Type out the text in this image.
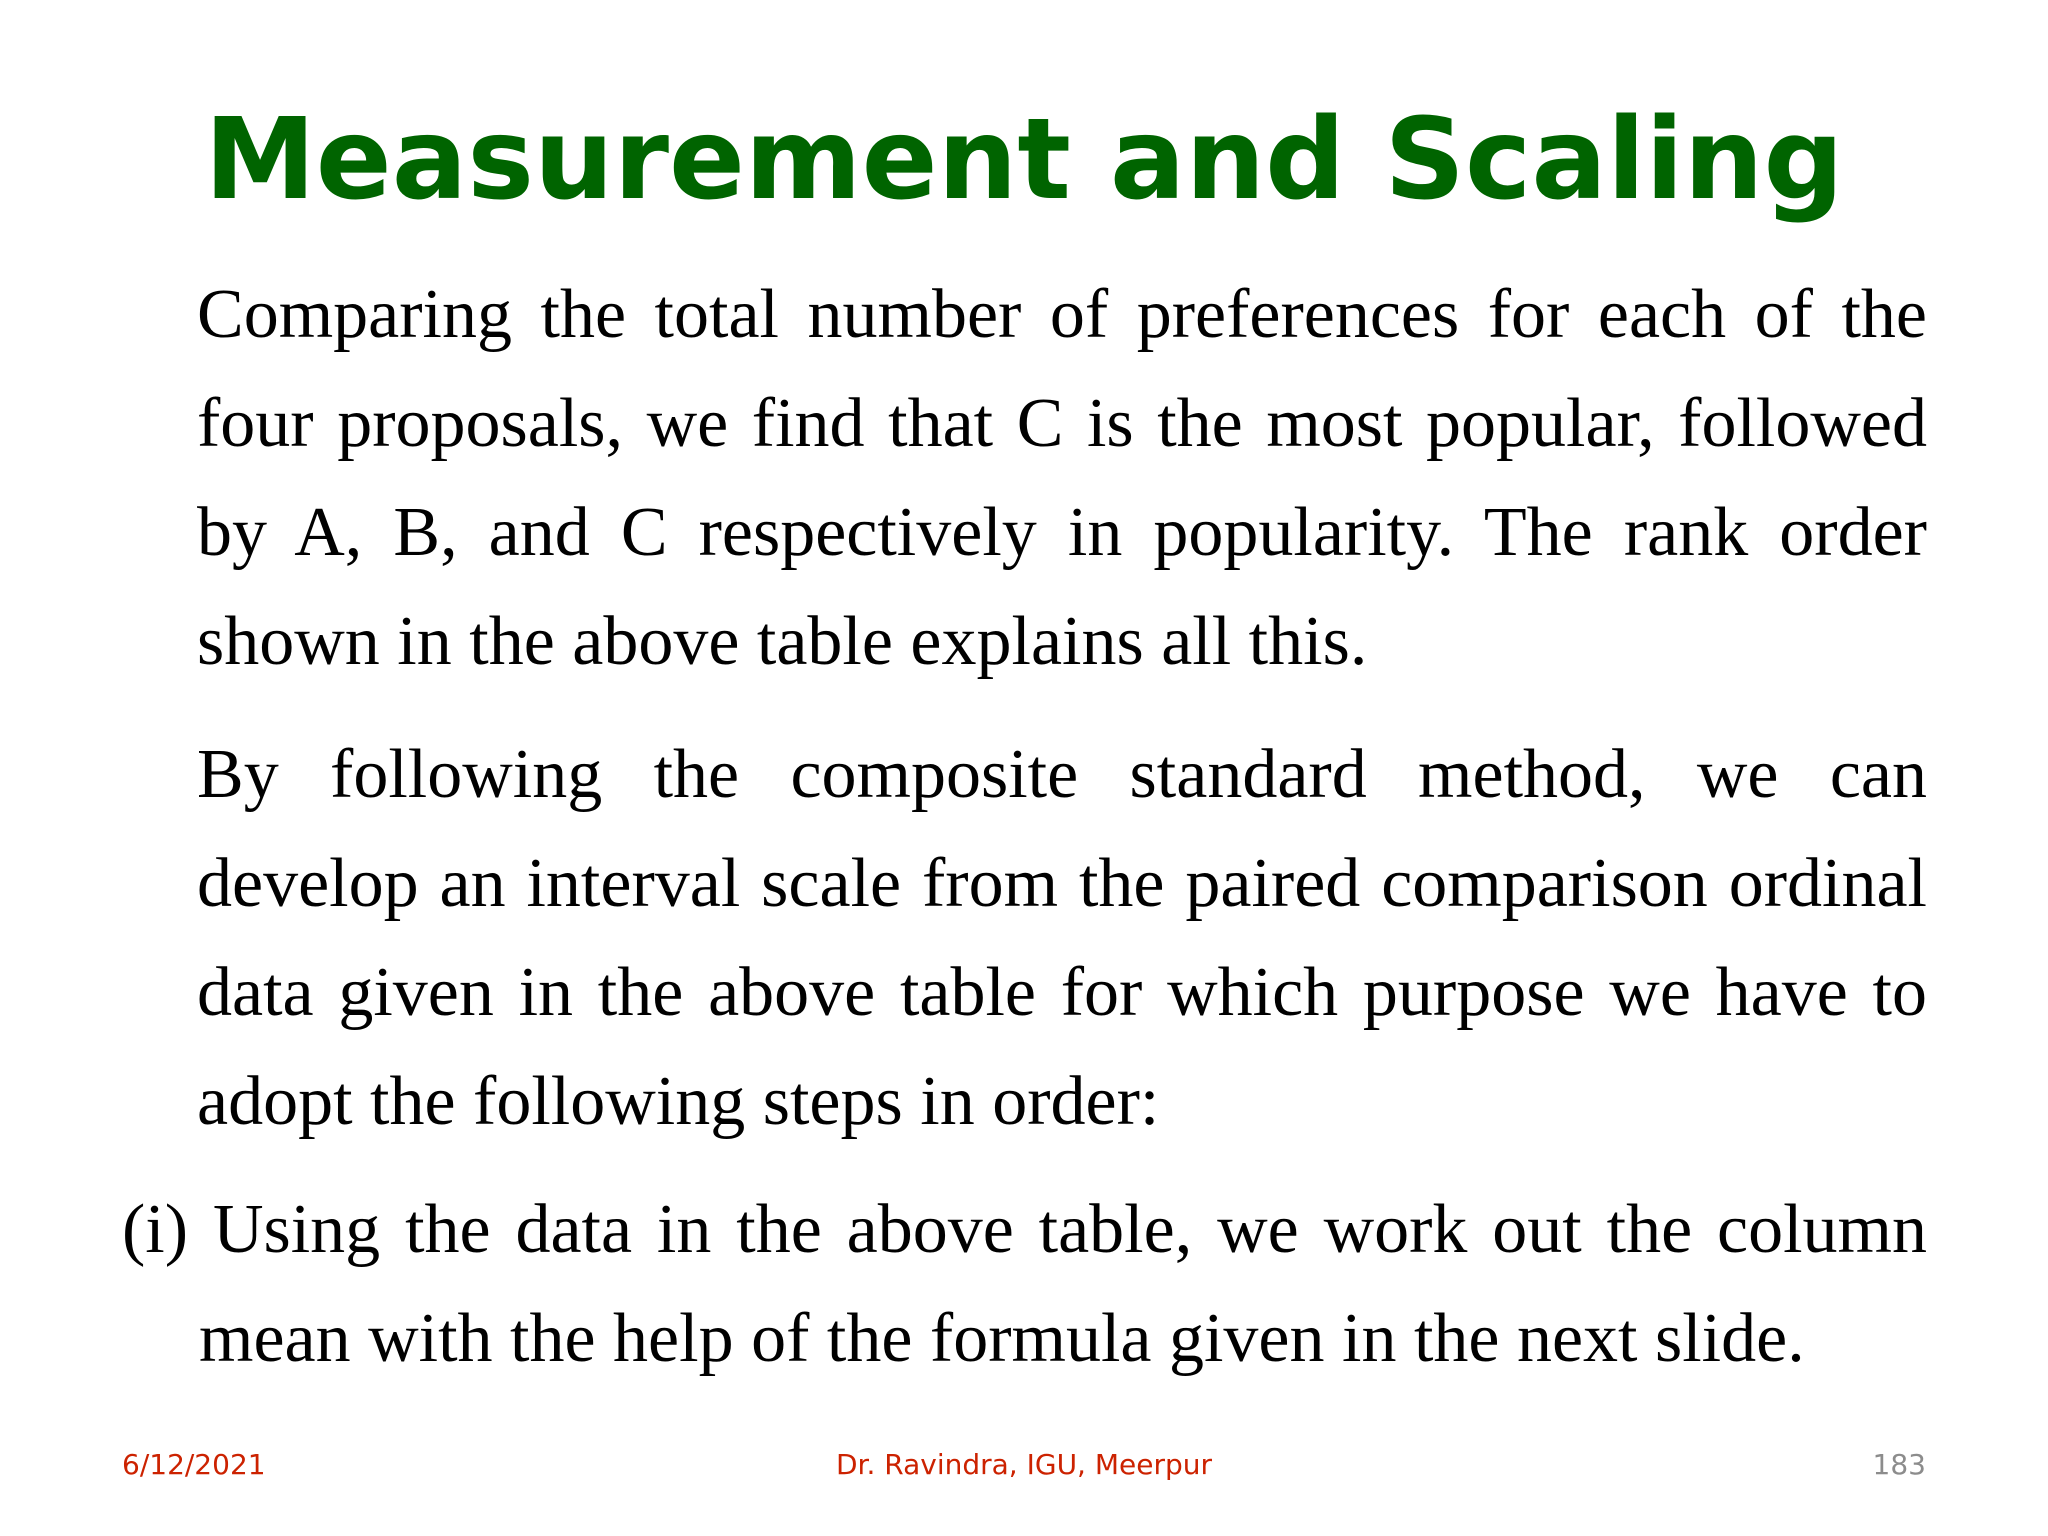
Measurement and Scaling
Comparing the total number of preferences for each of the four proposals, we find that C is the most popular, followed by A, B, and C respectively in popularity. The rank order shown in the above table explains all this.
By following the composite standard method, we can develop an interval scale from the paired comparison ordinal data given in the above table for which purpose we have to adopt the following steps in order:
(i) Using the data in the above table, we work out the column mean with the help of the formula given in the next slide.
6/12/2021	Dr. Ravindra, IGU, Meerpur	183
